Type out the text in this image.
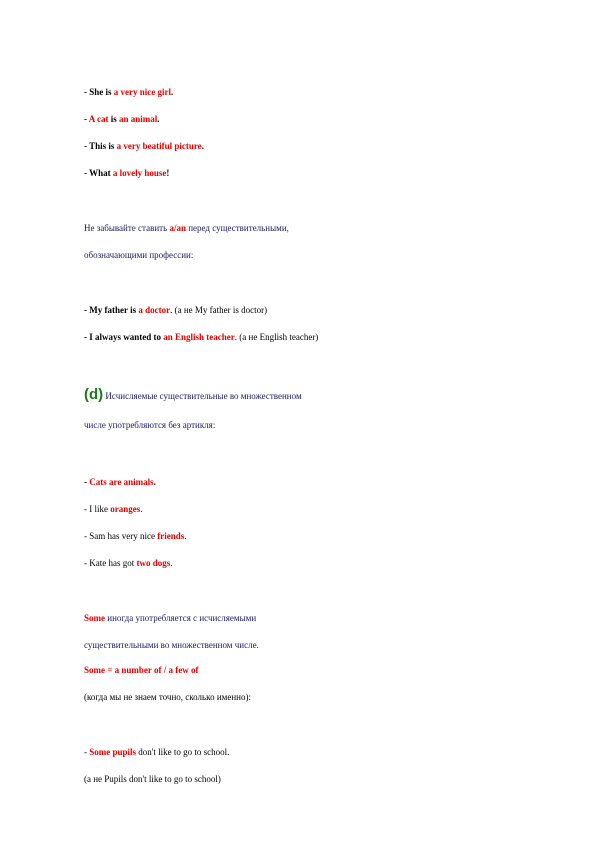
- She is a very nice girl.
- A cat is an animal.
- This is a very beatiful picture.
- What a lovely house!
Не забывайте ставить a/an перед существительными,
обозначающими профессии:
- My father is a doctor. (a не My father is doctor)
- I always wanted to an English teacher. (a не English teacher)
(d) Исчисляемые существительные во множественном
числе употребляются без артикля:
- Cats are animals.
- I like oranges.
- Sam has very nice friends.
- Kate has got two dogs.
Some иногда употребляется с исчисляемыми
существительными во множественном числе.
Some = a number of / a few of
(когда мы не знаем точно, сколько именно):
- Some pupils don't like to go to school.
(a не Pupils don't like to go to school)
